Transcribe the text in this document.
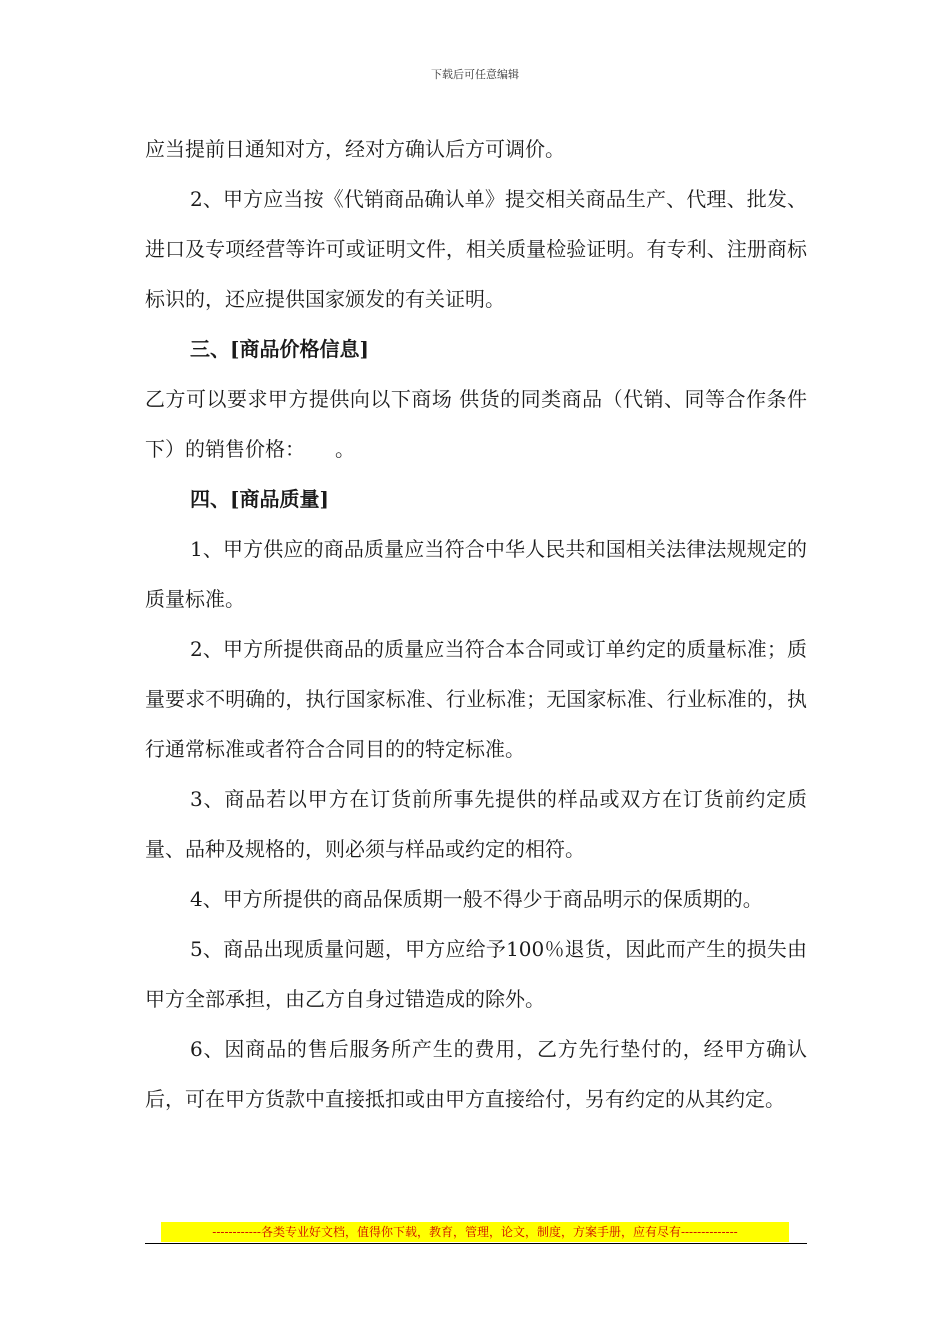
下载后可任意编辑

应当提前日通知对方，经对方确认后方可调价。

2、甲方应当按《代销商品确认单》提交相关商品生产、代理、批发、进口及专项经营等许可或证明文件，相关质量检验证明。有专利、注册商标标识的，还应提供国家颁发的有关证明。

三、[商品价格信息]

乙方可以要求甲方提供向以下商场 供货的同类商品（代销、同等合作条件下）的销售价格：　　。

四、[商品质量]

1、甲方供应的商品质量应当符合中华人民共和国相关法律法规规定的质量标准。

2、甲方所提供商品的质量应当符合本合同或订单约定的质量标准；质量要求不明确的，执行国家标准、行业标准；无国家标准、行业标准的，执行通常标准或者符合合同目的的特定标准。

3、商品若以甲方在订货前所事先提供的样品或双方在订货前约定质量、品种及规格的，则必须与样品或约定的相符。

4、甲方所提供的商品保质期一般不得少于商品明示的保质期的。

5、商品出现质量问题，甲方应给予100％退货，因此而产生的损失由甲方全部承担，由乙方自身过错造成的除外。

6、因商品的售后服务所产生的费用，乙方先行垫付的，经甲方确认后，可在甲方货款中直接抵扣或由甲方直接给付，另有约定的从其约定。

------------各类专业好文档，值得你下载，教育，管理，论文，制度，方案手册，应有尽有--------------
